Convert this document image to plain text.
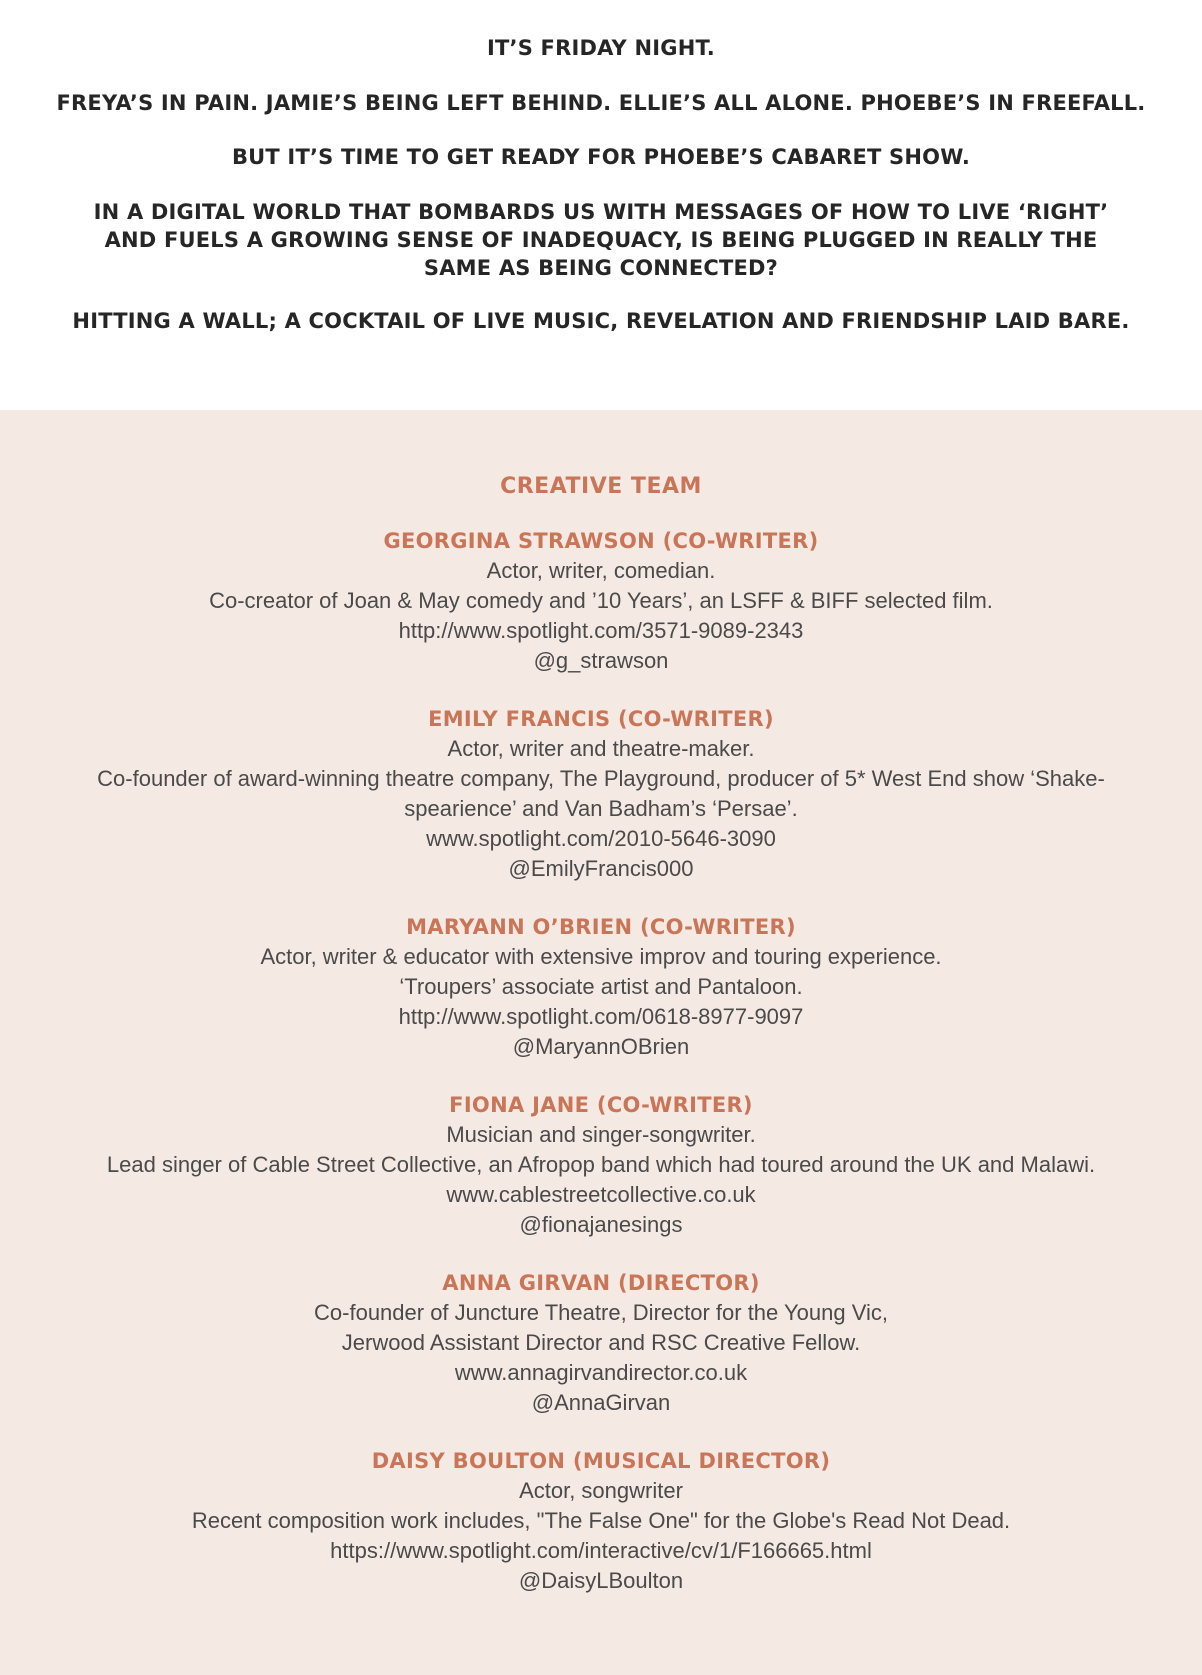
IT’S FRIDAY NIGHT.

FREYA’S IN PAIN. JAMIE’S BEING LEFT BEHIND. ELLIE’S ALL ALONE. PHOEBE’S IN FREEFALL.

BUT IT’S TIME TO GET READY FOR PHOEBE’S CABARET SHOW.

IN A DIGITAL WORLD THAT BOMBARDS US WITH MESSAGES OF HOW TO LIVE ‘RIGHT’ AND FUELS A GROWING SENSE OF INADEQUACY, IS BEING PLUGGED IN REALLY THE SAME AS BEING CONNECTED?

HITTING A WALL; A COCKTAIL OF LIVE MUSIC, REVELATION AND FRIENDSHIP LAID BARE.

CREATIVE TEAM
GEORGINA STRAWSON (CO-WRITER)
Actor, writer, comedian.
Co-creator of Joan & May comedy and ’10 Years’, an LSFF & BIFF selected film.
http://www.spotlight.com/3571-9089-2343
@g_strawson
EMILY FRANCIS (CO-WRITER)
Actor, writer and theatre-maker.
Co-founder of award-winning theatre company, The Playground, producer of 5* West End show ‘Shake-spearience’ and Van Badham’s ‘Persae’.
www.spotlight.com/2010-5646-3090
@EmilyFrancis000
MARYANN O’BRIEN (CO-WRITER)
Actor, writer & educator with extensive improv and touring experience.
‘Troupers’ associate artist and Pantaloon.
http://www.spotlight.com/0618-8977-9097
@MaryannOBrien
FIONA JANE (CO-WRITER)
Musician and singer-songwriter.
Lead singer of Cable Street Collective, an Afropop band which had toured around the UK and Malawi.
www.cablestreetcollective.co.uk
@fionajanesings
ANNA GIRVAN (DIRECTOR)
Co-founder of Juncture Theatre, Director for the Young Vic,
Jerwood Assistant Director and RSC Creative Fellow.
www.annagirvandirector.co.uk
@AnnaGirvan
DAISY BOULTON (MUSICAL DIRECTOR)
Actor, songwriter
Recent composition work includes, "The False One" for the Globe's Read Not Dead.
https://www.spotlight.com/interactive/cv/1/F166665.html
@DaisyLBoulton
